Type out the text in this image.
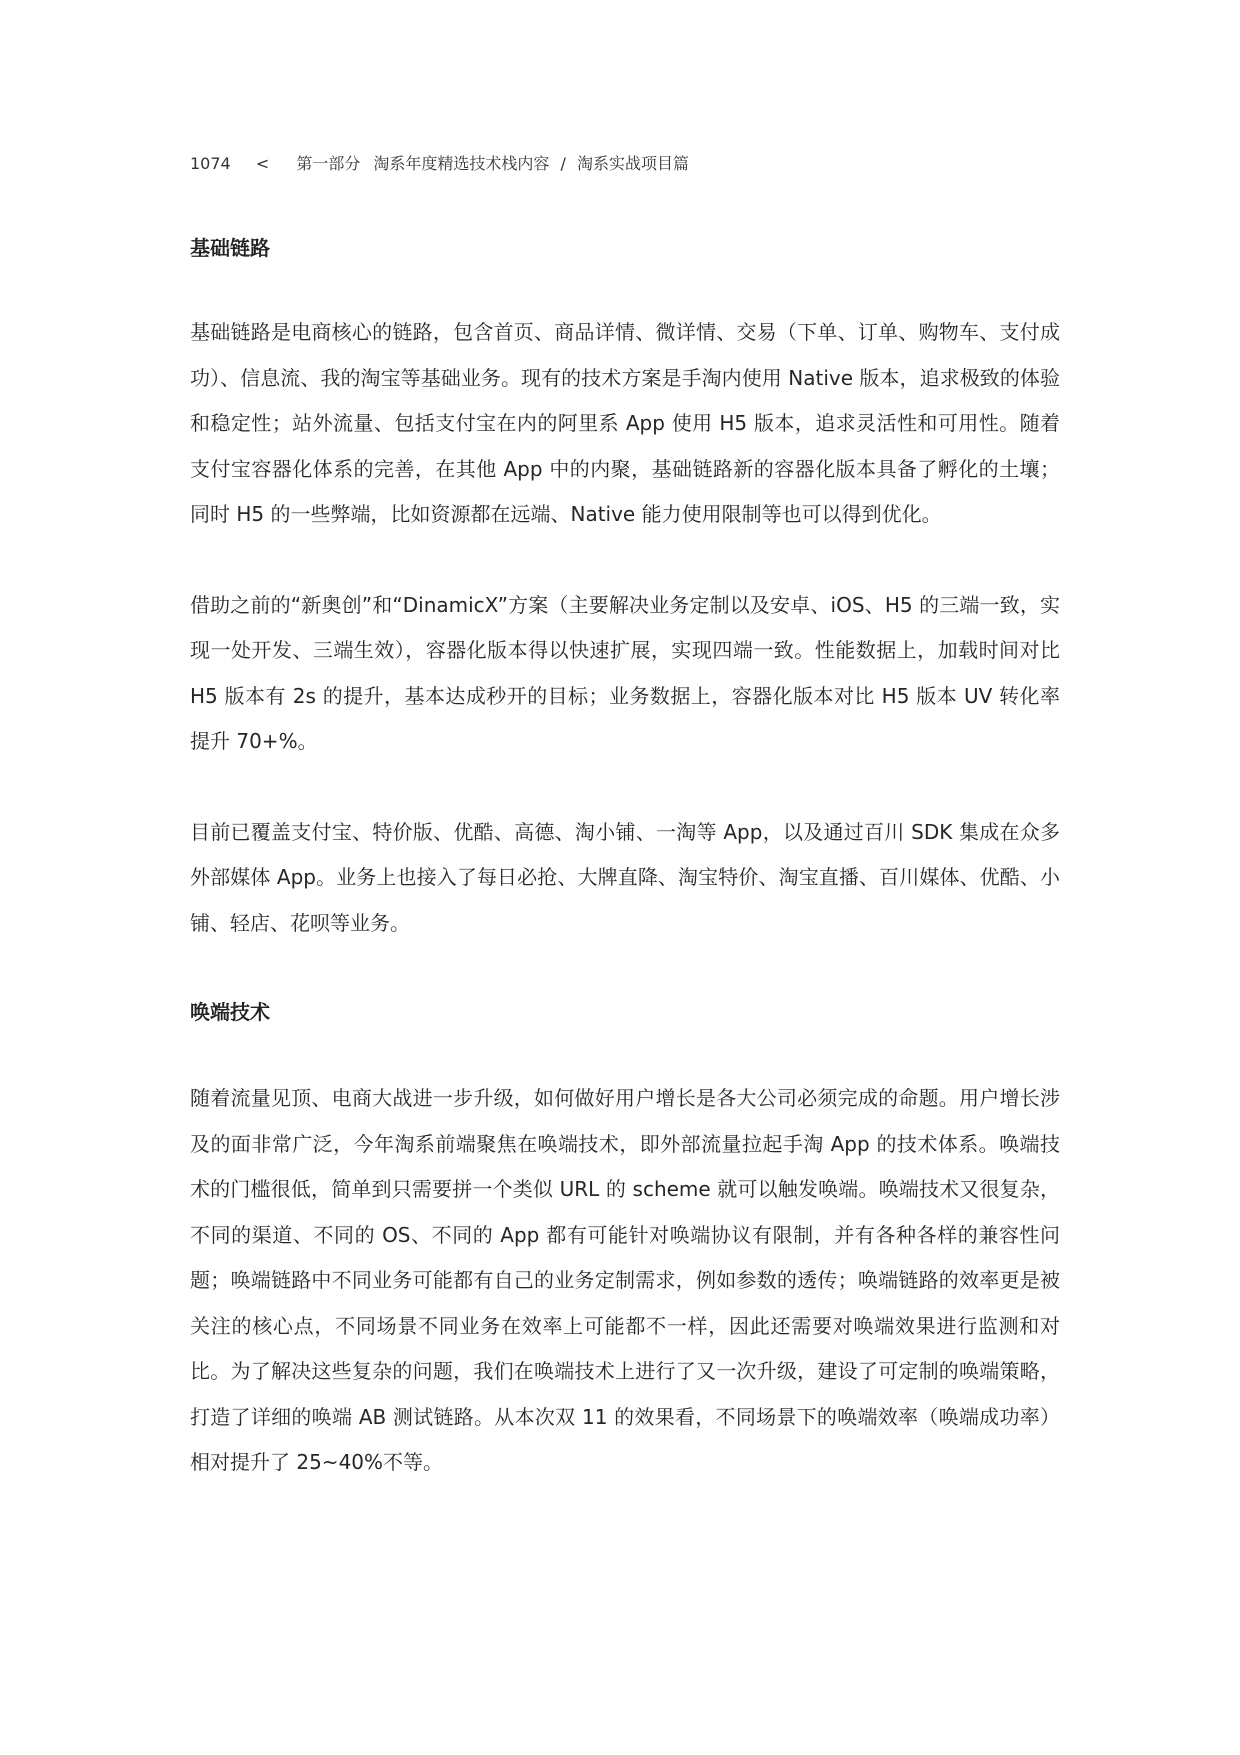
1074 < 第一部分 淘系年度精选技术栈内容 / 淘系实战项目篇
基础链路

基础链路是电商核心的链路，包含首页、商品详情、微详情、交易（下单、订单、购物车、支付成功）、信息流、我的淘宝等基础业务。现有的技术方案是手淘内使用 Native 版本，追求极致的体验和稳定性；站外流量、包括支付宝在内的阿里系 App 使用 H5 版本，追求灵活性和可用性。随着支付宝容器化体系的完善，在其他 App 中的内聚，基础链路新的容器化版本具备了孵化的土壤；同时 H5 的一些弊端，比如资源都在远端、Native 能力使用限制等也可以得到优化。

借助之前的“新奥创”和“DinamicX”方案（主要解决业务定制以及安卓、iOS、H5 的三端一致，实现一处开发、三端生效），容器化版本得以快速扩展，实现四端一致。性能数据上，加载时间对比 H5 版本有 2s 的提升，基本达成秒开的目标；业务数据上，容器化版本对比 H5 版本 UV 转化率提升 70+%。

目前已覆盖支付宝、特价版、优酷、高德、淘小铺、一淘等 App，以及通过百川 SDK 集成在众多外部媒体 App。业务上也接入了每日必抢、大牌直降、淘宝特价、淘宝直播、百川媒体、优酷、小铺、轻店、花呗等业务。

唤端技术

随着流量见顶、电商大战进一步升级，如何做好用户增长是各大公司必须完成的命题。用户增长涉及的面非常广泛，今年淘系前端聚焦在唤端技术，即外部流量拉起手淘 App 的技术体系。唤端技术的门槛很低，简单到只需要拼一个类似 URL 的 scheme 就可以触发唤端。唤端技术又很复杂，不同的渠道、不同的 OS、不同的 App 都有可能针对唤端协议有限制，并有各种各样的兼容性问题；唤端链路中不同业务可能都有自己的业务定制需求，例如参数的透传；唤端链路的效率更是被关注的核心点，不同场景不同业务在效率上可能都不一样，因此还需要对唤端效果进行监测和对比。为了解决这些复杂的问题，我们在唤端技术上进行了又一次升级，建设了可定制的唤端策略，打造了详细的唤端 AB 测试链路。从本次双 11 的效果看，不同场景下的唤端效率（唤端成功率）相对提升了 25~40%不等。
